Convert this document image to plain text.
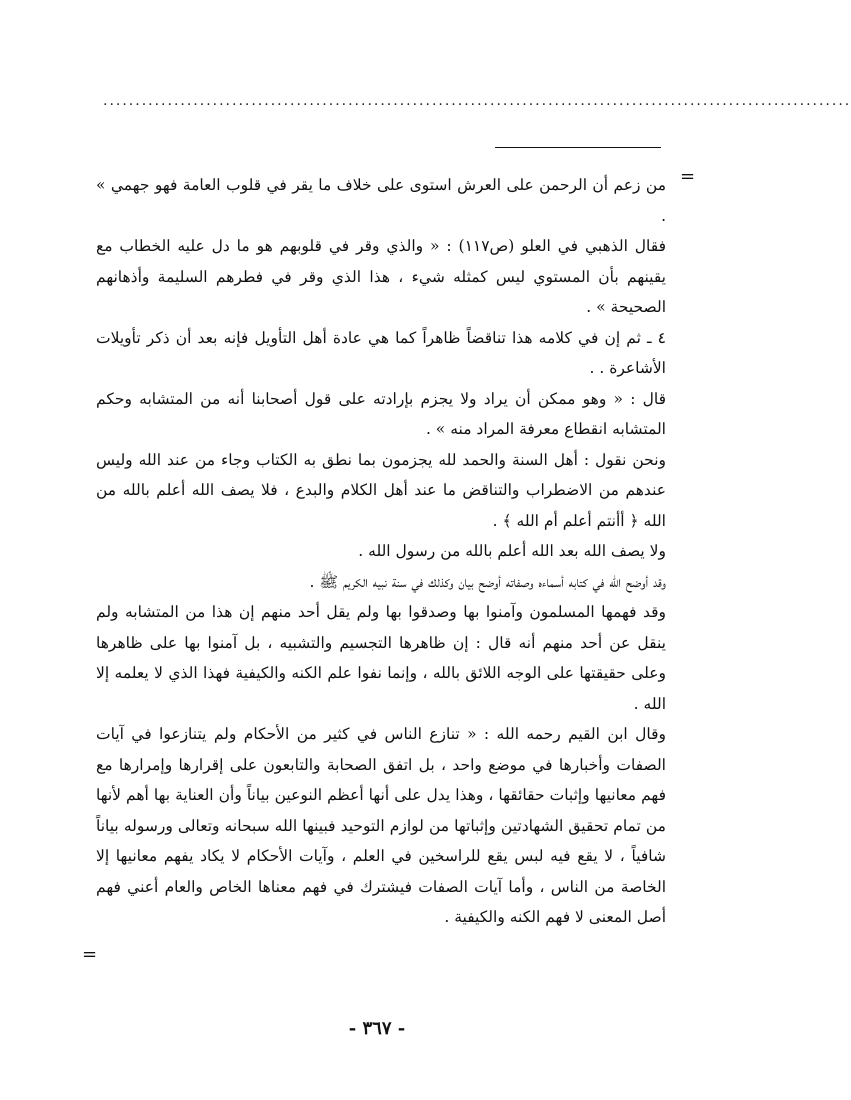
....................................................................................................................
=

من زعم أن الرحمن على العرش استوى على خلاف ما يقر في قلوب العامة فهو جهمي » .

فقال الذهبي في العلو (ص١١٧) : « والذي وقر في قلوبهم هو ما دل عليه الخطاب مع يقينهم بأن المستوي ليس كمثله شيء ، هذا الذي وقر في فطرهم السليمة وأذهانهم الصحيحة » .

٤ ـ ثم إن في كلامه هذا تناقضاً ظاهراً كما هي عادة أهل التأويل فإنه بعد أن ذكر تأويلات الأشاعرة . .

قال : « وهو ممكن أن يراد ولا يجزم بإرادته على قول أصحابنا أنه من المتشابه وحكم المتشابه انقطاع معرفة المراد منه » .

ونحن نقول : أهل السنة والحمد لله يجزمون بما نطق به الكتاب وجاء من عند الله وليس عندهم من الاضطراب والتناقض ما عند أهل الكلام والبدع ، فلا يصف الله أعلم بالله من الله ﴿ أأنتم أعلم أم الله ﴾ .

ولا يصف الله بعد الله أعلم بالله من رسول الله .

وقد أوضح الله في كتابه أسماءه وصفاته أوضح بيان وكذلك في سنة نبيه الكريم ﷺ .

وقد فهمها المسلمون وآمنوا بها وصدقوا بها ولم يقل أحد منهم إن هذا من المتشابه ولم ينقل عن أحد منهم أنه قال : إن ظاهرها التجسيم والتشبيه ، بل آمنوا بها على ظاهرها وعلى حقيقتها على الوجه اللائق بالله ، وإنما نفوا علم الكنه والكيفية فهذا الذي لا يعلمه إلا الله .

وقال ابن القيم رحمه الله : « تنازع الناس في كثير من الأحكام ولم يتنازعوا في آيات الصفات وأخبارها في موضع واحد ، بل اتفق الصحابة والتابعون على إقرارها وإمرارها مع فهم معانيها وإثبات حقائقها ، وهذا يدل على أنها أعظم النوعين بياناً وأن العناية بها أهم لأنها من تمام تحقيق الشهادتين وإثباتها من لوازم التوحيد فبينها الله سبحانه وتعالى ورسوله بياناً شافياً ، لا يقع فيه لبس يقع للراسخين في العلم ، وآيات الأحكام لا يكاد يفهم معانيها إلا الخاصة من الناس ، وأما آيات الصفات فيشترك في فهم معناها الخاص والعام أعني فهم أصل المعنى لا فهم الكنه والكيفية .

=
- ٣٦٧ -
